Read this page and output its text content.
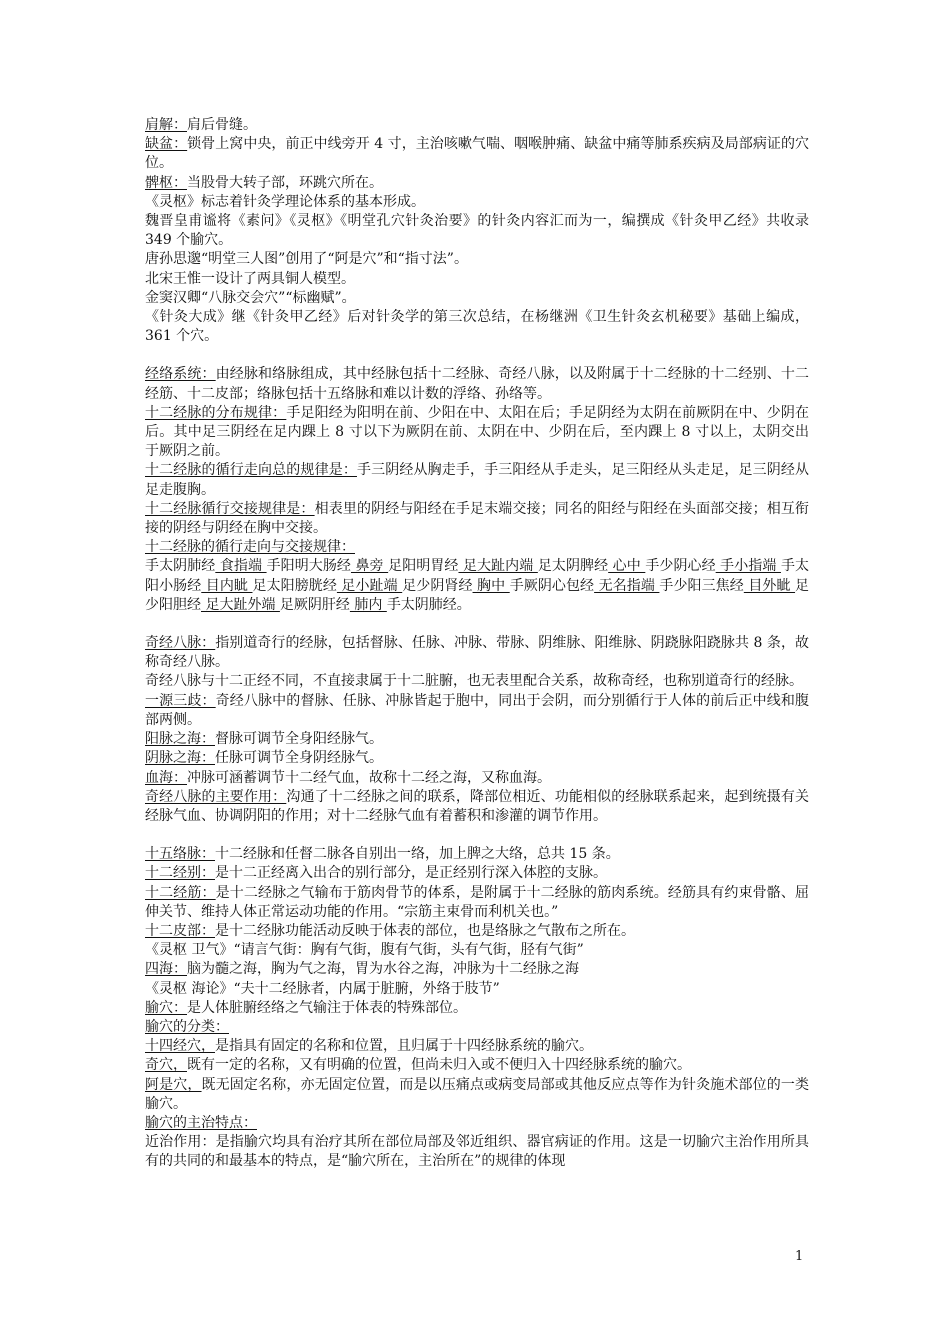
肩解：肩后骨缝。

缺盆：锁骨上窝中央，前正中线旁开 4 寸，主治咳嗽气喘、咽喉肿痛、缺盆中痛等肺系疾病及局部病证的穴位。

髀枢：当股骨大转子部，环跳穴所在。

《灵枢》标志着针灸学理论体系的基本形成。

魏晋皇甫谧将《素问》《灵枢》《明堂孔穴针灸治要》的针灸内容汇而为一，编撰成《针灸甲乙经》共收录 349 个腧穴。

唐孙思邈“明堂三人图”创用了“阿是穴”和“指寸法”。

北宋王惟一设计了两具铜人模型。

金窦汉卿“八脉交会穴”“标幽赋”。

《针灸大成》继《针灸甲乙经》后对针灸学的第三次总结，在杨继洲《卫生针灸玄机秘要》基础上编成，361 个穴。

经络系统：由经脉和络脉组成，其中经脉包括十二经脉、奇经八脉，以及附属于十二经脉的十二经别、十二经筋、十二皮部；络脉包括十五络脉和难以计数的浮络、孙络等。

十二经脉的分布规律：手足阳经为阳明在前、少阳在中、太阳在后；手足阴经为太阴在前厥阴在中、少阴在后。其中足三阴经在足内踝上 8 寸以下为厥阴在前、太阴在中、少阴在后，至内踝上 8 寸以上，太阴交出于厥阴之前。

十二经脉的循行走向总的规律是：手三阴经从胸走手，手三阳经从手走头，足三阳经从头走足，足三阴经从足走腹胸。

十二经脉循行交接规律是：相表里的阴经与阳经在手足末端交接；同名的阳经与阳经在头面部交接；相互衔接的阴经与阴经在胸中交接。

十二经脉的循行走向与交接规律：

手太阴肺经 食指端 手阳明大肠经 鼻旁 足阳明胃经 足大趾内端 足太阴脾经 心中 手少阴心经 手小指端 手太阳小肠经 目内眦 足太阳膀胱经 足小趾端 足少阴肾经 胸中 手厥阴心包经 无名指端 手少阳三焦经 目外眦 足少阳胆经 足大趾外端 足厥阴肝经 肺内 手太阴肺经。

奇经八脉：指别道奇行的经脉，包括督脉、任脉、冲脉、带脉、阴维脉、阳维脉、阴跷脉阳跷脉共 8 条，故称奇经八脉。

奇经八脉与十二正经不同，不直接隶属于十二脏腑，也无表里配合关系，故称奇经，也称别道奇行的经脉。

一源三歧：奇经八脉中的督脉、任脉、冲脉皆起于胞中，同出于会阴，而分别循行于人体的前后正中线和腹部两侧。

阳脉之海：督脉可调节全身阳经脉气。

阴脉之海：任脉可调节全身阴经脉气。

血海：冲脉可涵蓄调节十二经气血，故称十二经之海，又称血海。

奇经八脉的主要作用：沟通了十二经脉之间的联系，降部位相近、功能相似的经脉联系起来，起到统摄有关经脉气血、协调阴阳的作用；对十二经脉气血有着蓄积和渗灌的调节作用。

十五络脉：十二经脉和任督二脉各自别出一络，加上脾之大络，总共 15 条。

十二经别：是十二正经离入出合的别行部分，是正经别行深入体腔的支脉。

十二经筋：是十二经脉之气输布于筋肉骨节的体系，是附属于十二经脉的筋肉系统。经筋具有约束骨骼、屈伸关节、维持人体正常运动功能的作用。“宗筋主束骨而利机关也。”

十二皮部：是十二经脉功能活动反映于体表的部位，也是络脉之气散布之所在。

《灵枢 卫气》“请言气街：胸有气街，腹有气街，头有气街，胫有气街”

四海：脑为髓之海，胸为气之海，胃为水谷之海，冲脉为十二经脉之海

《灵枢 海论》“夫十二经脉者，内属于脏腑，外络于肢节”

腧穴：是人体脏腑经络之气输注于体表的特殊部位。

腧穴的分类：

十四经穴，是指具有固定的名称和位置，且归属于十四经脉系统的腧穴。

奇穴，既有一定的名称，又有明确的位置，但尚未归入或不便归入十四经脉系统的腧穴。

阿是穴，既无固定名称，亦无固定位置，而是以压痛点或病变局部或其他反应点等作为针灸施术部位的一类腧穴。

腧穴的主治特点：

近治作用：是指腧穴均具有治疗其所在部位局部及邻近组织、器官病证的作用。这是一切腧穴主治作用所具有的共同的和最基本的特点，是“腧穴所在，主治所在”的规律的体现

1
